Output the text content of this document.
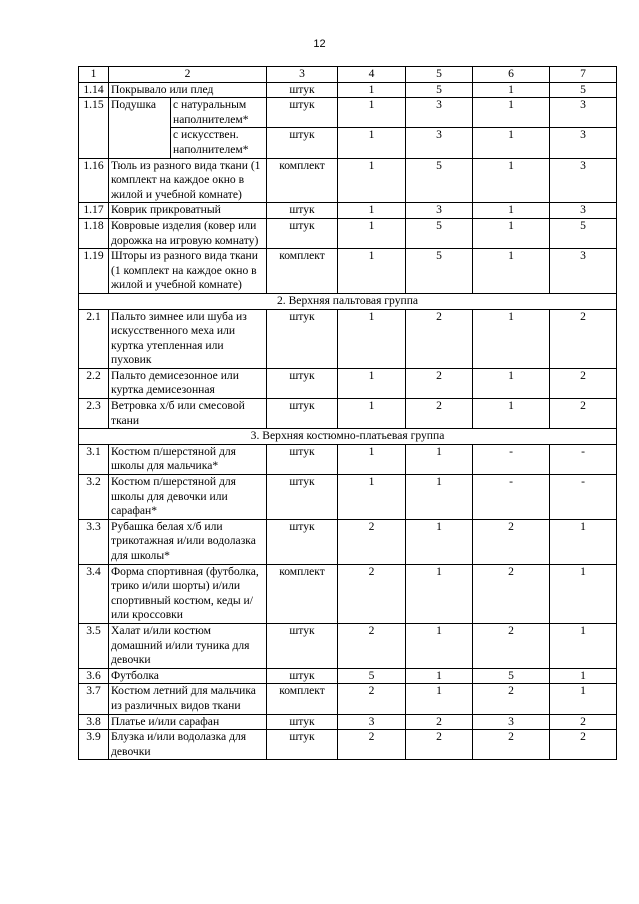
12
1	2		3	4	5	6	7
1.14	Покрывало или плед		штук	1	5	1	5
1.15	Подушка	с натуральным наполнителем*	штук	1	3	1	3
		с искусствен. наполнителем*	штук	1	3	1	3
1.16	Тюль из разного вида ткани (1 комплект на каждое окно в жилой и учебной комнате)		комплект	1	5	1	3
1.17	Коврик прикроватный		штук	1	3	1	3
1.18	Ковровые изделия (ковер или дорожка на игровую комнату)		штук	1	5	1	5
1.19	Шторы из разного вида ткани (1 комплект на каждое окно в жилой и учебной комнате)		комплект	1	5	1	3
2. Верхняя пальтовая группа							
2.1	Пальто зимнее или шуба из искусственного меха или куртка утепленная или пуховик		штук	1	2	1	2
2.2	Пальто демисезонное или куртка демисезонная		штук	1	2	1	2
2.3	Ветровка х/б или смесовой ткани		штук	1	2	1	2
3. Верхняя костюмно-платьевая группа							
3.1	Костюм п/шерстяной для школы для мальчика*		штук	1	1	-	-
3.2	Костюм п/шерстяной для школы для девочки или сарафан*		штук	1	1	-	-
3.3	Рубашка белая х/б или трикотажная и/или водолазка для школы*		штук	2	1	2	1
3.4	Форма спортивная (футболка, трико и/или шорты) и/или спортивный костюм, кеды и/или кроссовки		комплект	2	1	2	1
3.5	Халат и/или костюм домашний и/или туника для девочки		штук	2	1	2	1
3.6	Футболка		штук	5	1	5	1
3.7	Костюм летний для мальчика из различных видов ткани		комплект	2	1	2	1
3.8	Платье и/или сарафан		штук	3	2	3	2
3.9	Блузка и/или водолазка для девочки		штук	2	2	2	2
